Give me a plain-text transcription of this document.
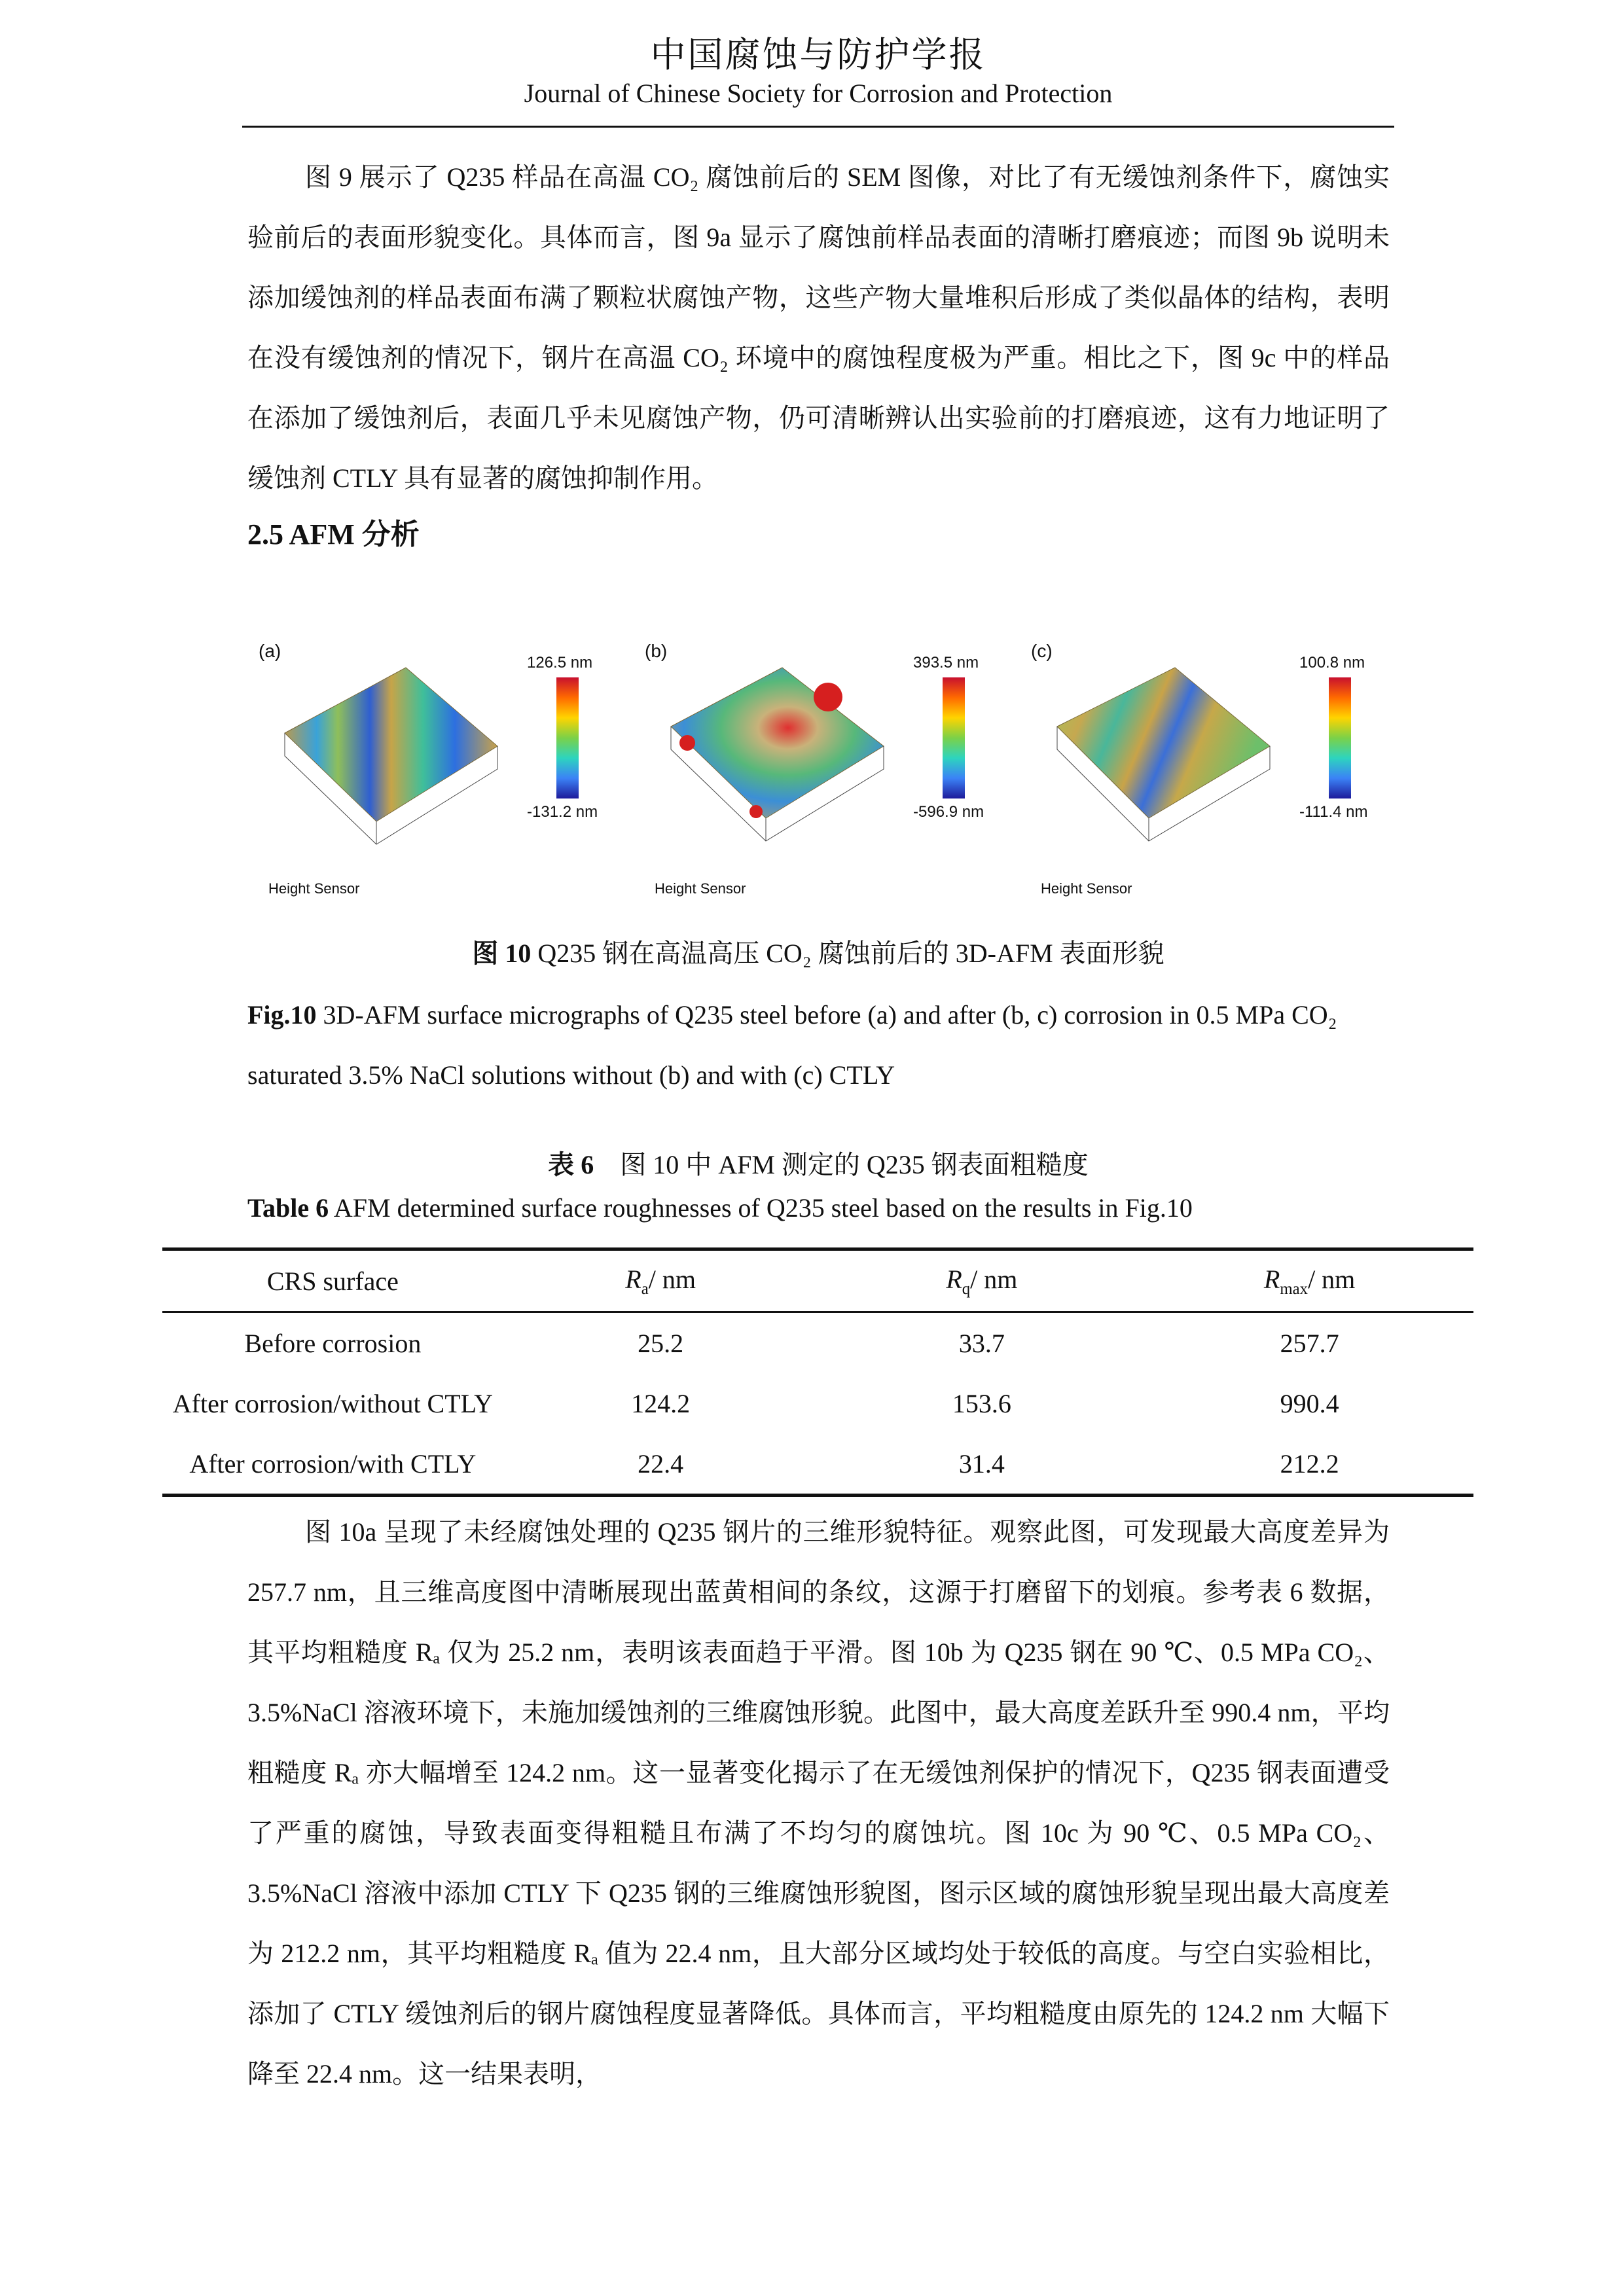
中国腐蚀与防护学报
Journal of Chinese Society for Corrosion and Protection

图 9 展示了 Q235 样品在高温 CO₂ 腐蚀前后的 SEM 图像，对比了有无缓蚀剂条件下，腐蚀实验前后的表面形貌变化。具体而言，图 9a 显示了腐蚀前样品表面的清晰打磨痕迹；而图 9b 说明未添加缓蚀剂的样品表面布满了颗粒状腐蚀产物，这些产物大量堆积后形成了类似晶体的结构，表明在没有缓蚀剂的情况下，钢片在高温 CO₂ 环境中的腐蚀程度极为严重。相比之下，图 9c 中的样品在添加了缓蚀剂后，表面几乎未见腐蚀产物，仍可清晰辨认出实验前的打磨痕迹，这有力地证明了缓蚀剂 CTLY 具有显著的腐蚀抑制作用。

2.5 AFM 分析
(a)
126.5 nm
-131.2 nm
Height Sensor
(b)
393.5 nm
-596.9 nm
Height Sensor
(c)
100.8 nm
-111.4 nm
Height Sensor
图 10 Q235 钢在高温高压 CO₂ 腐蚀前后的 3D-AFM 表面形貌

Fig.10 3D-AFM surface micrographs of Q235 steel before (a) and after (b, c) corrosion in 0.5 MPa CO₂ saturated 3.5% NaCl solutions without (b) and with (c) CTLY

表 6  图 10 中 AFM 测定的 Q235 钢表面粗糙度
Table 6 AFM determined surface roughnesses of Q235 steel based on the results in Fig.10
CRS surface	$R_a/$ nm	$R_q/$ nm	$R_{max}/$ nm
Before corrosion	25.2	33.7	257.7
After corrosion/without CTLY	124.2	153.6	990.4
After corrosion/with CTLY	22.4	31.4	212.2

图 10a 呈现了未经腐蚀处理的 Q235 钢片的三维形貌特征。观察此图，可发现最大高度差异为 257.7 nm，且三维高度图中清晰展现出蓝黄相间的条纹，这源于打磨留下的划痕。参考表 6 数据，其平均粗糙度 Rₐ 仅为 25.2 nm，表明该表面趋于平滑。图 10b 为 Q235 钢在 90 ℃、0.5 MPa CO₂、3.5%NaCl 溶液环境下，未施加缓蚀剂的三维腐蚀形貌。此图中，最大高度差跃升至 990.4 nm，平均粗糙度 Rₐ 亦大幅增至 124.2 nm。这一显著变化揭示了在无缓蚀剂保护的情况下，Q235 钢表面遭受了严重的腐蚀，导致表面变得粗糙且布满了不均匀的腐蚀坑。图 10c 为 90 ℃、0.5 MPa CO₂、3.5%NaCl 溶液中添加 CTLY 下 Q235 钢的三维腐蚀形貌图，图示区域的腐蚀形貌呈现出最大高度差为 212.2 nm，其平均粗糙度 Rₐ 值为 22.4 nm，且大部分区域均处于较低的高度。与空白实验相比，添加了 CTLY 缓蚀剂后的钢片腐蚀程度显著降低。具体而言，平均粗糙度由原先的 124.2 nm 大幅下降至 22.4 nm。这一结果表明，
